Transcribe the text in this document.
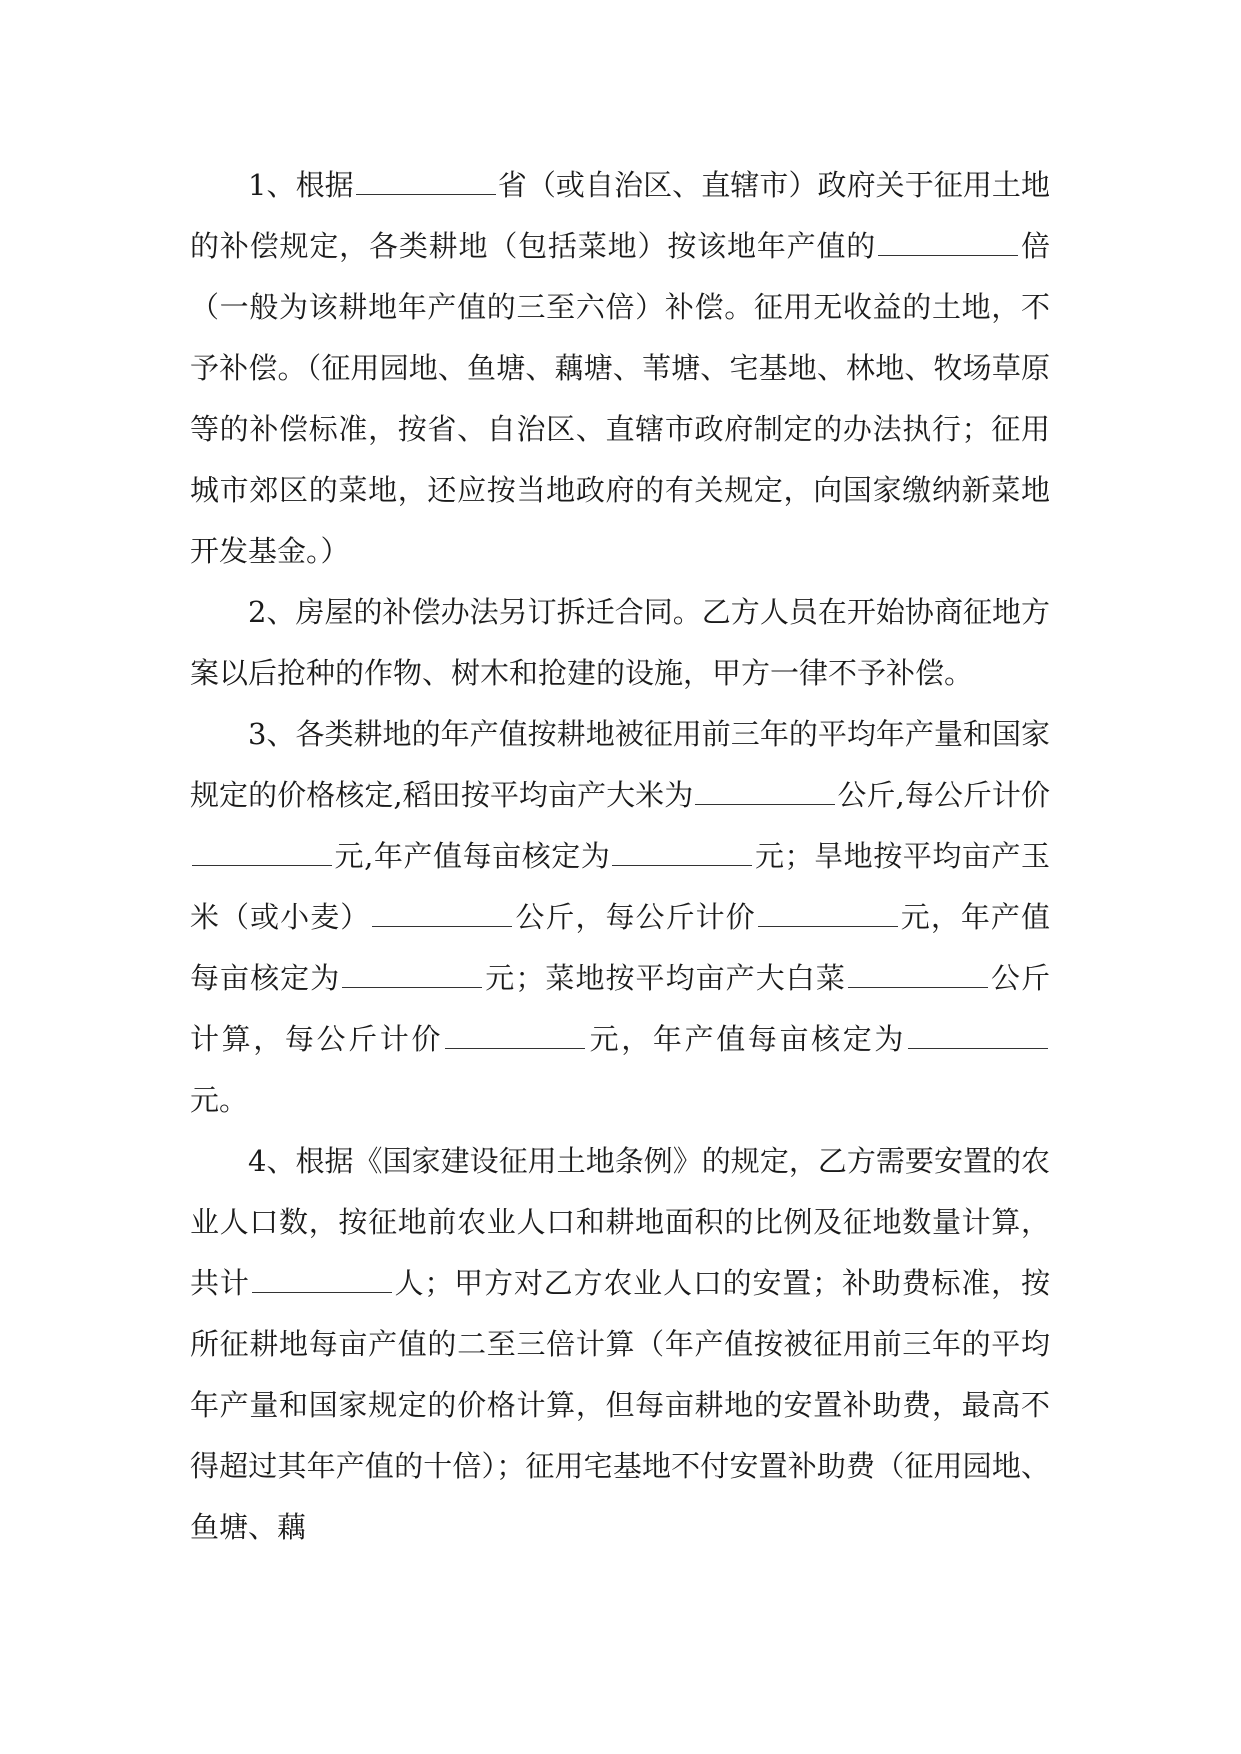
1、根据	省（或自治区、直辖市）政府关于征用土地的补偿规定，各类耕地（包括菜地）按该地年产值的	倍（一般为该耕地年产值的三至六倍）补偿。征用无收益的土地，不予补偿。（征用园地、鱼塘、藕塘、苇塘、宅基地、林地、牧场草原等的补偿标准，按省、自治区、直辖市政府制定的办法执行；征用城市郊区的菜地，还应按当地政府的有关规定，向国家缴纳新菜地开发基金。）

2、房屋的补偿办法另订拆迁合同。乙方人员在开始协商征地方案以后抢种的作物、树木和抢建的设施，甲方一律不予补偿。

3、各类耕地的年产值按耕地被征用前三年的平均年产量和国家规定的价格核定,稻田按平均亩产大米为	公斤,每公斤计价元,年产值每亩核定为	元；旱地按平均亩产玉米（或小麦）	公斤，每公斤计价	元，年产值每亩核定为	元；菜地按平均亩产大白菜	公斤计算，每公斤计价	元，年产值每亩核定为元。

4、根据《国家建设征用土地条例》的规定，乙方需要安置的农业人口数，按征地前农业人口和耕地面积的比例及征地数量计算，共计	人；甲方对乙方农业人口的安置；补助费标准，按所征耕地每亩产值的二至三倍计算（年产值按被征用前三年的平均年产量和国家规定的价格计算，但每亩耕地的安置补助费，最高不得超过其年产值的十倍）；征用宅基地不付安置补助费（征用园地、鱼塘、藕
